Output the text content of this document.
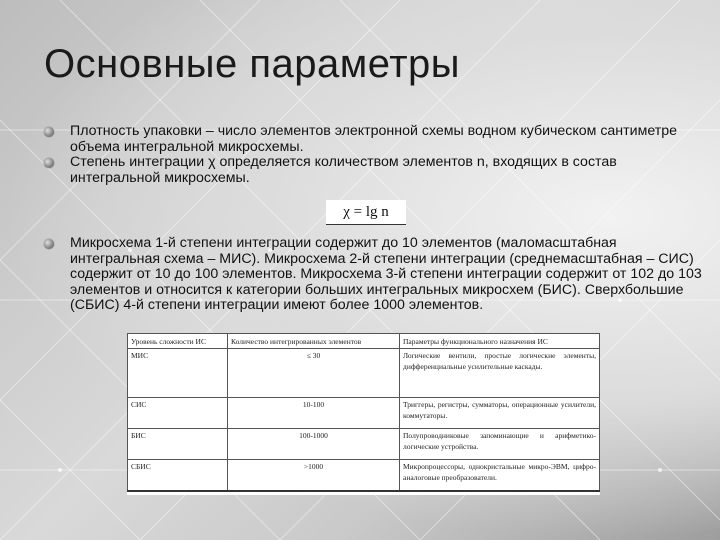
Основные параметры
Плотность упаковки – число элементов электронной схемы водном кубическом сантиметре объема интегральной микросхемы.
Степень интеграции χ определяется количеством элементов n, входящих в состав интегральной микросхемы.
χ = lg n
Микросхема 1-й степени интеграции содержит до 10 элементов (маломасштабная интегральная схема – МИС). Микросхема 2-й степени интеграции (среднемасштабная – СИС) содержит от 10 до 100 элементов. Микросхема 3-й степени интеграции содержит от 102 до 103 элементов и относится к категории больших интегральных микросхем (БИС). Сверхбольшие (СБИС) 4-й степени интеграции имеют более 1000 элементов.
Уровень сложности ИС	Количество интегрированных элементов	Параметры функционального назначения ИС
МИС	≤ 30	Логические вентили, простые логические элементы, дифференциальные усилительные каскады.
СИС	10-100	Триггеры, регистры, сумматоры, операционные усилители, коммутаторы.
БИС	100-1000	Полупроводниковые запоминающие и арифметико-логические устройства.
СБИС	>1000	Микропроцессоры, однокристальные микро-ЭВМ, цифро-аналоговые преобразователи.
